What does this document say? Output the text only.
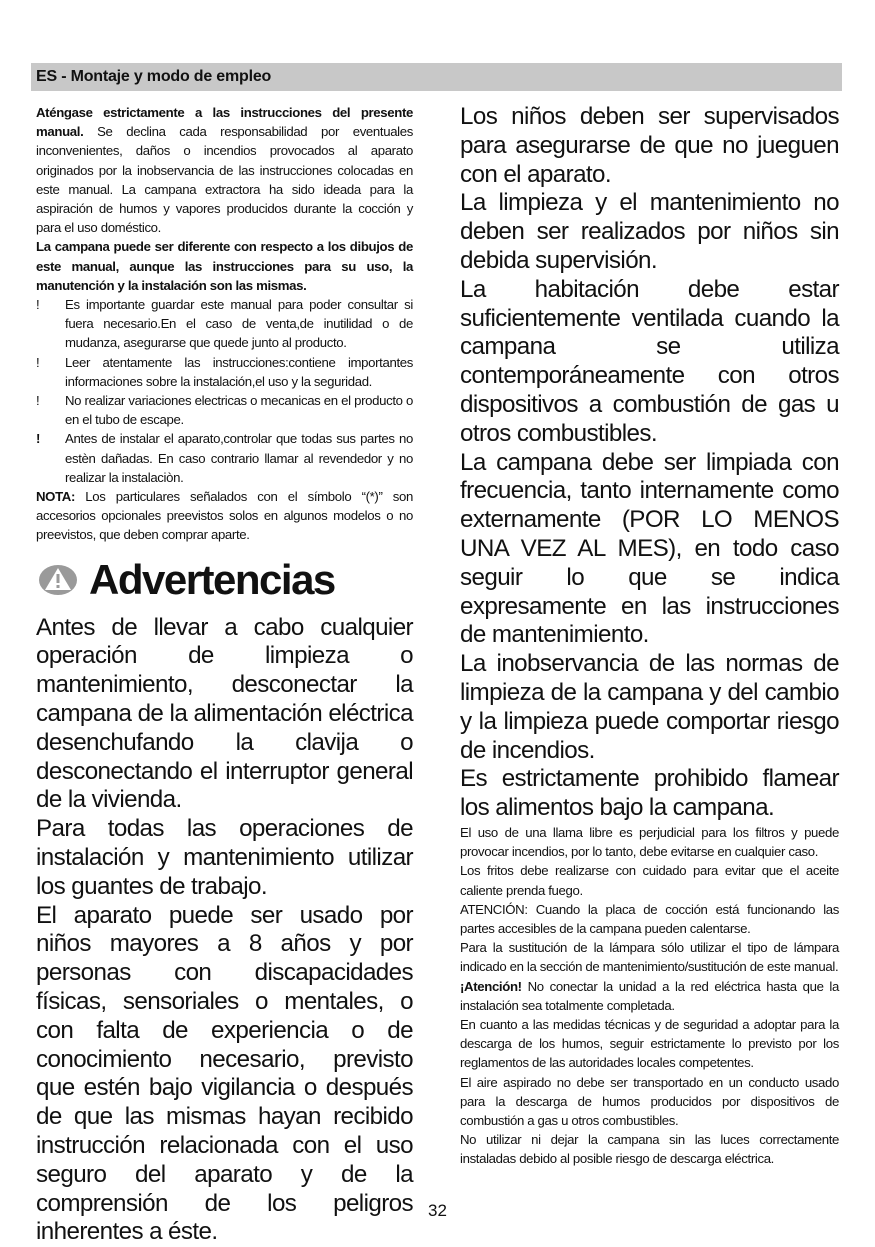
ES - Montaje y modo de empleo

Aténgase estrictamente a las instrucciones del presente manual. Se declina cada responsabilidad por eventuales inconvenientes, daños o incendios provocados al aparato originados por la inobservancia de las instrucciones colocadas en este manual. La campana extractora ha sido ideada para la aspiración de humos y vapores producidos durante la cocción y para el uso doméstico.

La campana puede ser diferente con respecto a los dibujos de este manual, aunque las instrucciones para su uso, la manutención y la instalación son las mismas.

! Es importante guardar este manual para poder consultar si fuera necesario.En el caso de venta,de inutilidad o de mudanza, asegurarse que quede junto al producto.
! Leer atentamente las instrucciones:contiene importantes informaciones sobre la instalación,el uso y la seguridad.
! No realizar variaciones electricas o mecanicas en el producto o en el tubo de escape.
! Antes de instalar el aparato,controlar que todas sus partes no estèn dañadas. En caso contrario llamar al revendedor y no realizar la instalaciòn.

NOTA: Los particulares señalados con el símbolo “(*)” son accesorios opcionales preevistos solos en algunos modelos o no preevistos, que deben comprar aparte.

Advertencias

Antes de llevar a cabo cualquier operación de limpieza o mantenimiento, desconectar la campana de la alimentación eléctrica desenchufando la clavija o desconectando el interruptor general de la vivienda.

Para todas las operaciones de instalación y mantenimiento utilizar los guantes de trabajo.

El aparato puede ser usado por niños mayores a 8 años y por personas con discapacidades físicas, sensoriales o mentales, o con falta de experiencia o de conocimiento necesario, previsto que estén bajo vigilancia o después de que las mismas hayan recibido instrucción relacionada con el uso seguro del aparato y de la comprensión de los peligros inherentes a éste.

Los niños deben ser supervisados para asegurarse de que no jueguen con el aparato.

La limpieza y el mantenimiento no deben ser realizados por niños sin debida supervisión.

La habitación debe estar suficientemente ventilada cuando la campana se utiliza contemporáneamente con otros dispositivos a combustión de gas u otros combustibles.

La campana debe ser limpiada con frecuencia, tanto internamente como externamente (POR LO MENOS UNA VEZ AL MES), en todo caso seguir lo que se indica expresamente en las instrucciones de mantenimiento.

La inobservancia de las normas de limpieza de la campana y del cambio y la limpieza puede comportar riesgo de incendios.

Es estrictamente prohibido flamear los alimentos bajo la campana.

El uso de una llama libre es perjudicial para los filtros y puede provocar incendios, por lo tanto, debe evitarse en cualquier caso.

Los fritos debe realizarse con cuidado para evitar que el aceite caliente prenda fuego.

ATENCIÓN: Cuando la placa de cocción está funcionando las partes accesibles de la campana pueden calentarse.

Para la sustitución de la lámpara sólo utilizar el tipo de lámpara indicado en la sección de mantenimiento/sustitución de este manual.

¡Atención! No conectar la unidad a la red eléctrica hasta que la instalación sea totalmente completada.

En cuanto a las medidas técnicas y de seguridad a adoptar para la descarga de los humos, seguir estrictamente lo previsto por los reglamentos de las autoridades locales competentes.

El aire aspirado no debe ser transportado en un conducto usado para la descarga de humos producidos por dispositivos de combustión a gas u otros combustibles.

No utilizar ni dejar la campana sin las luces correctamente instaladas debido al posible riesgo de descarga eléctrica.

32
